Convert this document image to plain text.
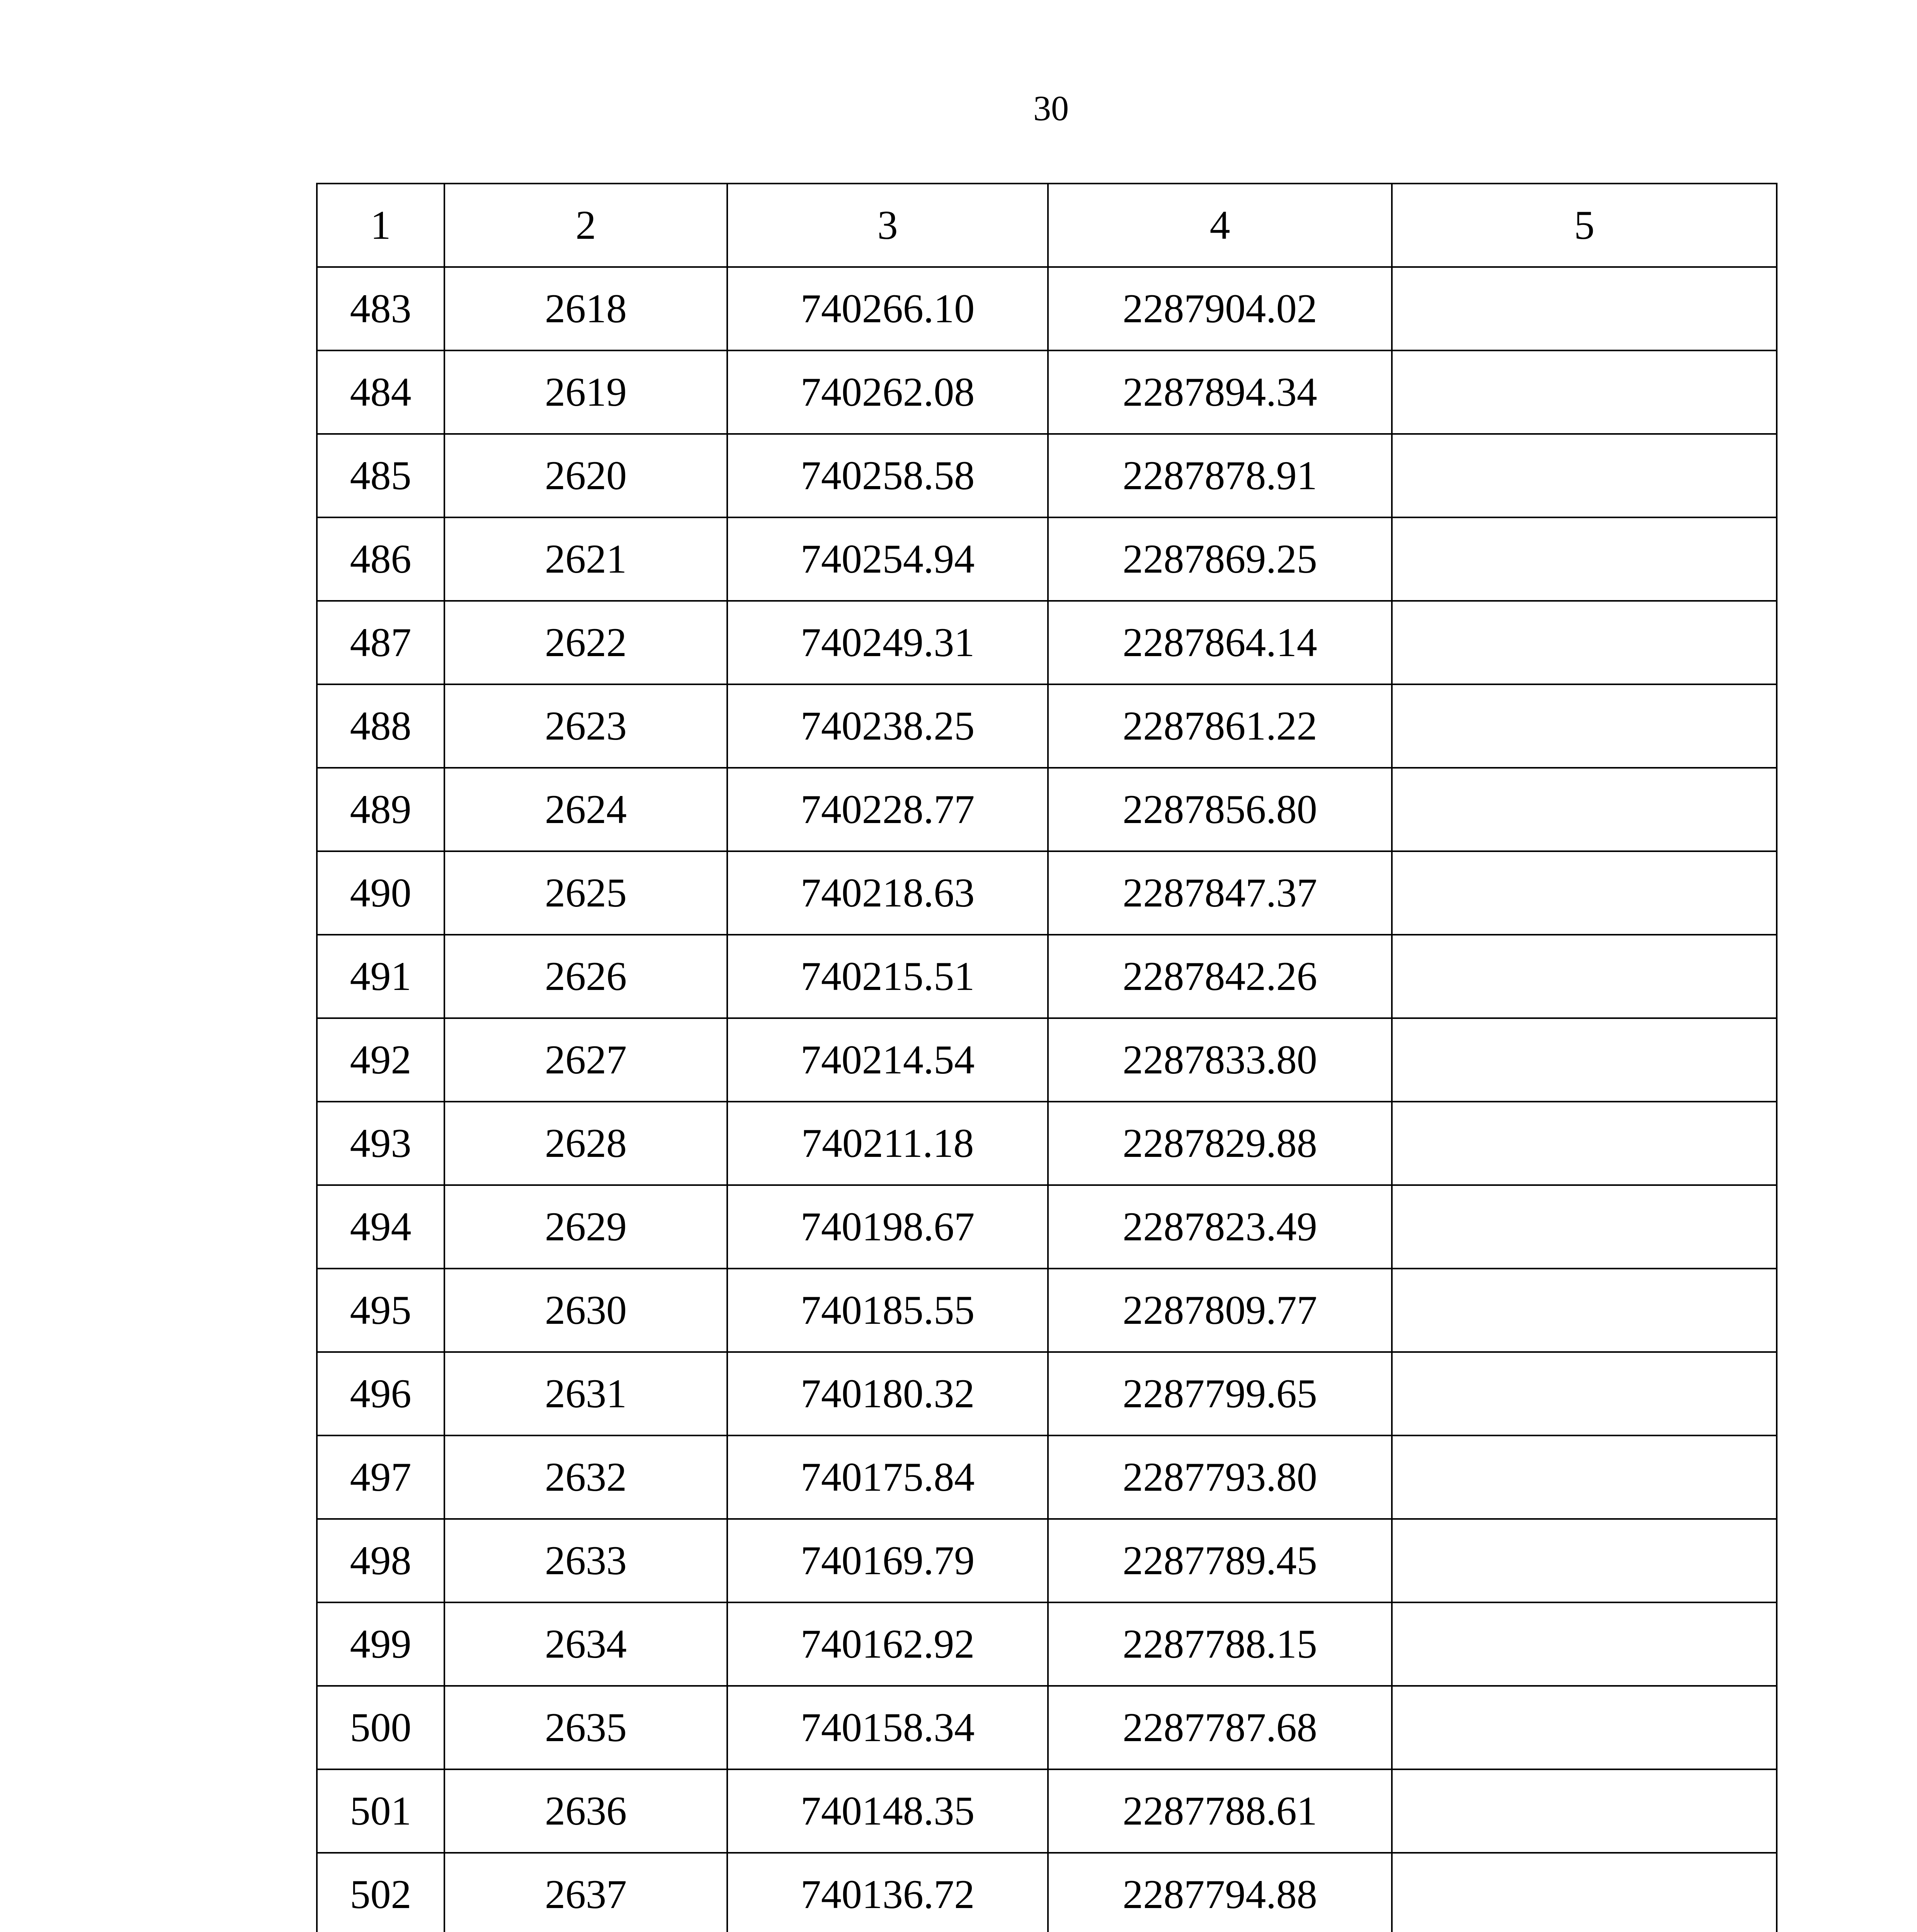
30
1	2	3	4	5
483	2618	740266.10	2287904.02	
484	2619	740262.08	2287894.34	
485	2620	740258.58	2287878.91	
486	2621	740254.94	2287869.25	
487	2622	740249.31	2287864.14	
488	2623	740238.25	2287861.22	
489	2624	740228.77	2287856.80	
490	2625	740218.63	2287847.37	
491	2626	740215.51	2287842.26	
492	2627	740214.54	2287833.80	
493	2628	740211.18	2287829.88	
494	2629	740198.67	2287823.49	
495	2630	740185.55	2287809.77	
496	2631	740180.32	2287799.65	
497	2632	740175.84	2287793.80	
498	2633	740169.79	2287789.45	
499	2634	740162.92	2287788.15	
500	2635	740158.34	2287787.68	
501	2636	740148.35	2287788.61	
502	2637	740136.72	2287794.88	
